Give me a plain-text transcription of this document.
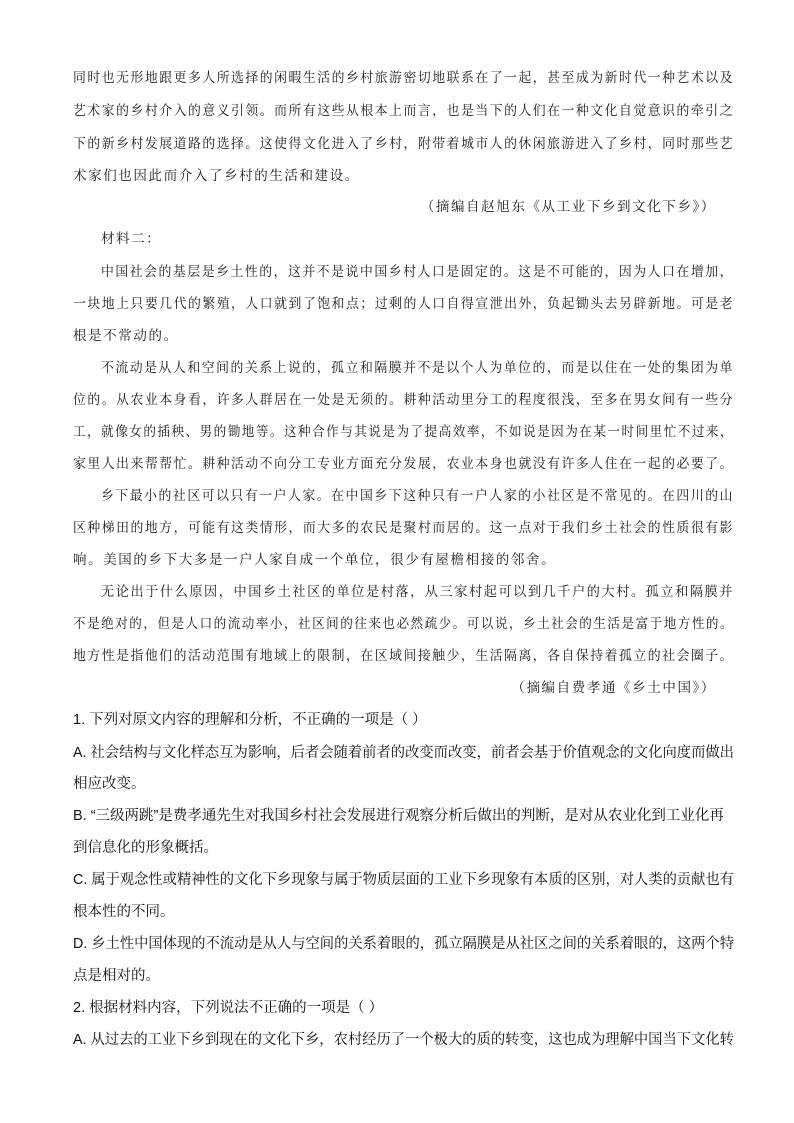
同时也无形地跟更多人所选择的闲暇生活的乡村旅游密切地联系在了一起，甚至成为新时代一种艺术以及
艺术家的乡村介入的意义引领。而所有这些从根本上而言，也是当下的人们在一种文化自觉意识的牵引之
下的新乡村发展道路的选择。这使得文化进入了乡村，附带着城市人的休闲旅游进入了乡村，同时那些艺
术家们也因此而介入了乡村的生活和建设。
（摘编自赵旭东《从工业下乡到文化下乡》）
材料二：
中国社会的基层是乡土性的，这并不是说中国乡村人口是固定的。这是不可能的，因为人口在增加，
一块地上只要几代的繁殖，人口就到了饱和点；过剩的人口自得宣泄出外，负起锄头去另辟新地。可是老
根是不常动的。
不流动是从人和空间的关系上说的，孤立和隔膜并不是以个人为单位的，而是以住在一处的集团为单
位的。从农业本身看，许多人群居在一处是无须的。耕种活动里分工的程度很浅，至多在男女间有一些分
工，就像女的插秧、男的锄地等。这种合作与其说是为了提高效率，不如说是因为在某一时间里忙不过来，
家里人出来帮帮忙。耕种活动不向分工专业方面充分发展，农业本身也就没有许多人住在一起的必要了。
乡下最小的社区可以只有一户人家。在中国乡下这种只有一户人家的小社区是不常见的。在四川的山
区种梯田的地方，可能有这类情形，而大多的农民是聚村而居的。这一点对于我们乡土社会的性质很有影
响。美国的乡下大多是一户人家自成一个单位，很少有屋檐相接的邻舍。
无论出于什么原因，中国乡土社区的单位是村落，从三家村起可以到几千户的大村。孤立和隔膜并
不是绝对的，但是人口的流动率小，社区间的往来也必然疏少。可以说，乡土社会的生活是富于地方性的。
地方性是指他们的活动范围有地域上的限制，在区域间接触少，生活隔离，各自保持着孤立的社会圈子。
（摘编自费孝通《乡土中国》）
1. 下列对原文内容的理解和分析，不正确的一项是（ ）
A. 社会结构与文化样态互为影响，后者会随着前者的改变而改变，前者会基于价值观念的文化向度而做出
相应改变。
B. “三级两跳”是费孝通先生对我国乡村社会发展进行观察分析后做出的判断，是对从农业化到工业化再
到信息化的形象概括。
C. 属于观念性或精神性的文化下乡现象与属于物质层面的工业下乡现象有本质的区别，对人类的贡献也有
根本性的不同。
D. 乡土性中国体现的不流动是从人与空间的关系着眼的，孤立隔膜是从社区之间的关系着眼的，这两个特
点是相对的。
2. 根据材料内容，下列说法不正确的一项是（ ）
A. 从过去的工业下乡到现在的文化下乡，农村经历了一个极大的质的转变，这也成为理解中国当下文化转
